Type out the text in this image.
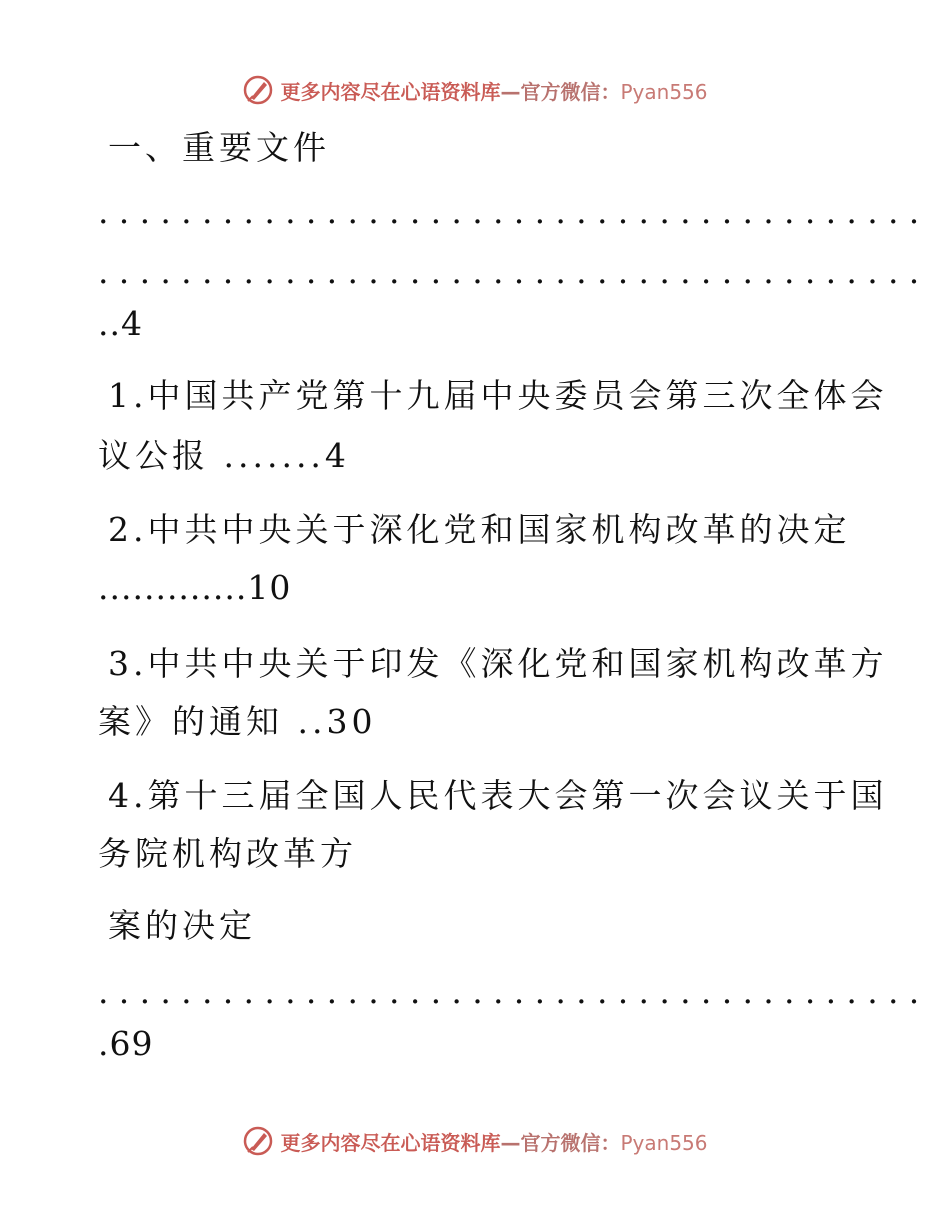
更多内容尽在心语资料库—官方微信：Pyan556
一、重要文件
........................................
........................................
..4
1.中国共产党第十九届中央委员会第三次全体会
议公报 .......4
2.中共中央关于深化党和国家机构改革的决定
.............10
3.中共中央关于印发《深化党和国家机构改革方
案》的通知 ..30
4.第十三届全国人民代表大会第一次会议关于国
务院机构改革方
案的决定
........................................
.69
更多内容尽在心语资料库—官方微信：Pyan556
